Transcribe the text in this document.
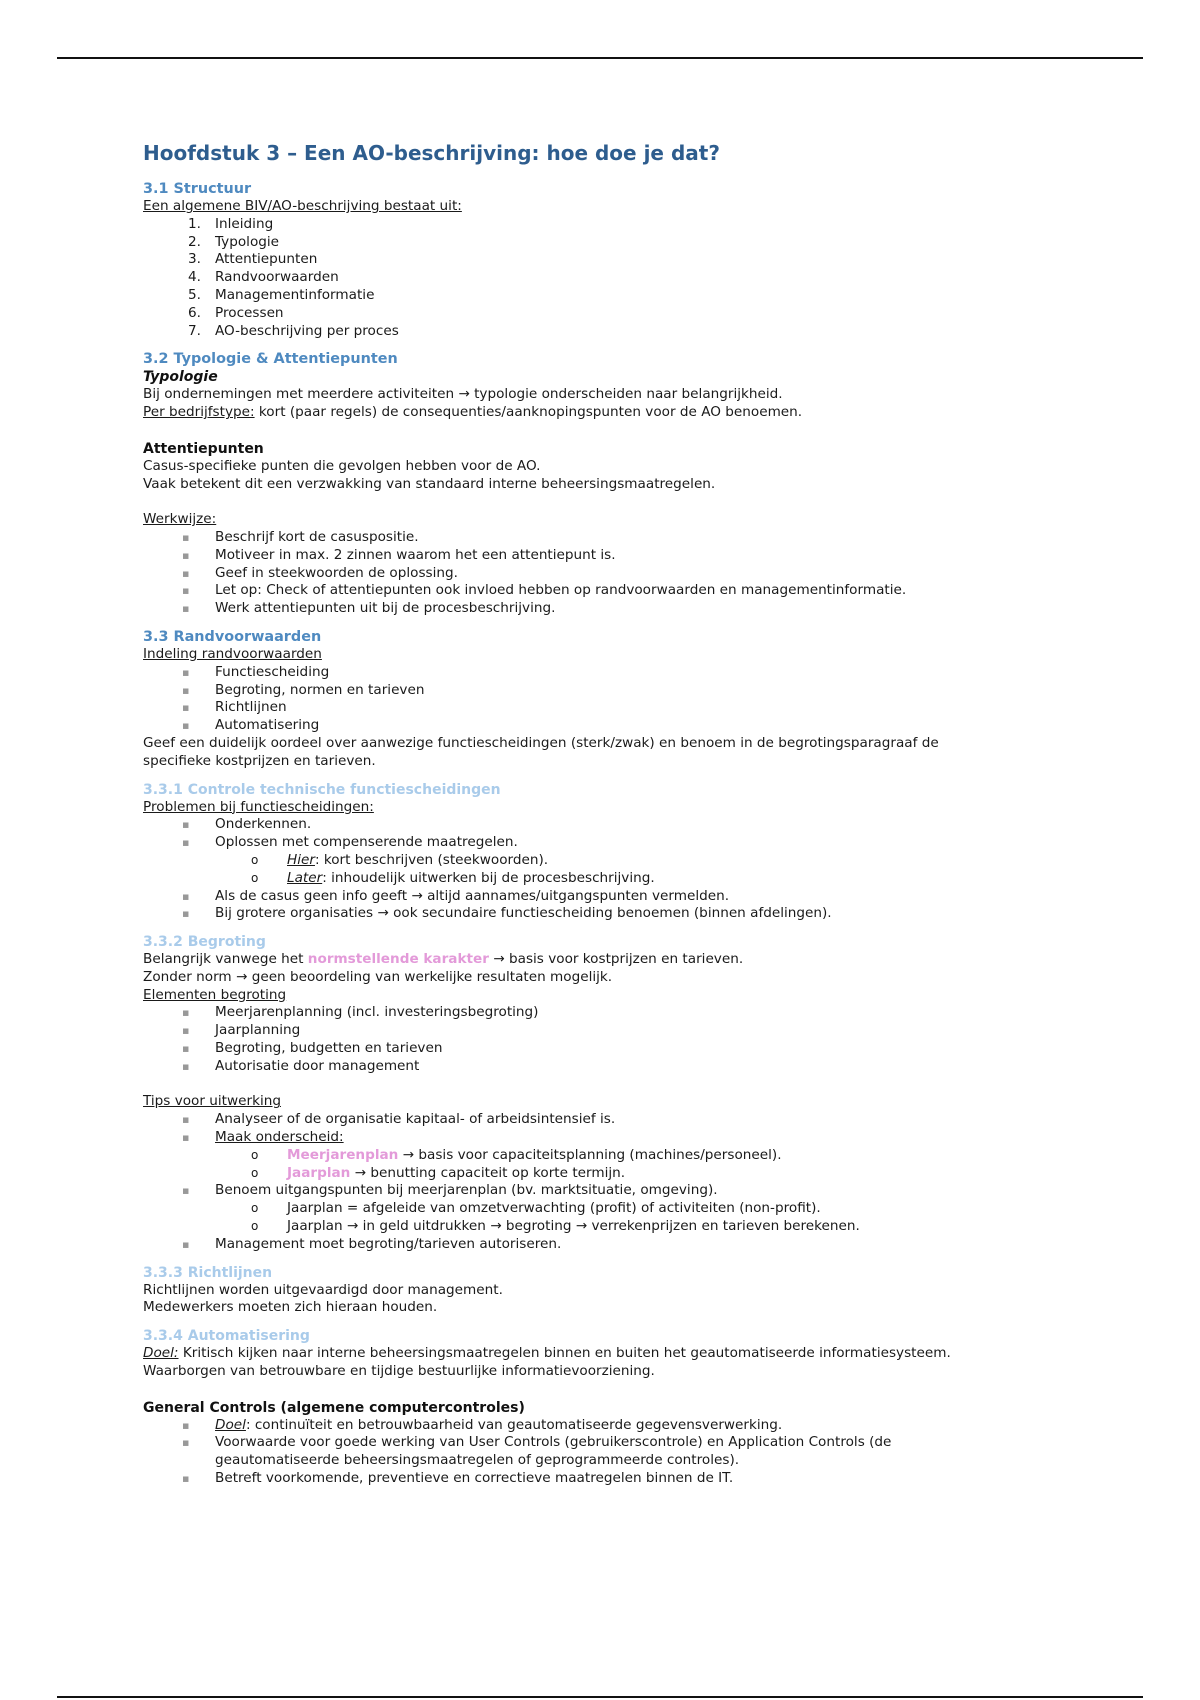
Hoofdstuk 3 – Een AO-beschrijving: hoe doe je dat?
3.1 Structuur

Een algemene BIV/AO-beschrijving bestaat uit:

1. Inleiding
2. Typologie
3. Attentiepunten
4. Randvoorwaarden
5. Managementinformatie
6. Processen
7. AO-beschrijving per proces
3.2 Typologie & Attentiepunten
Typologie

Bij ondernemingen met meerdere activiteiten → typologie onderscheiden naar belangrijkheid.

Per bedrijfstype: kort (paar regels) de consequenties/aanknopingspunten voor de AO benoemen.

Attentiepunten

Casus-specifieke punten die gevolgen hebben voor de AO.

Vaak betekent dit een verzwakking van standaard interne beheersingsmaatregelen.

Werkwijze:

▪ Beschrijf kort de casuspositie.
▪ Motiveer in max. 2 zinnen waarom het een attentiepunt is.
▪ Geef in steekwoorden de oplossing.
▪ Let op: Check of attentiepunten ook invloed hebben op randvoorwaarden en managementinformatie.
▪ Werk attentiepunten uit bij de procesbeschrijving.
3.3 Randvoorwaarden

Indeling randvoorwaarden

▪ Functiescheiding
▪ Begroting, normen en tarieven
▪ Richtlijnen
▪ Automatisering

Geef een duidelijk oordeel over aanwezige functiescheidingen (sterk/zwak) en benoem in de begrotingsparagraaf de

specifieke kostprijzen en tarieven.

3.3.1 Controle technische functiescheidingen

Problemen bij functiescheidingen:

▪ Onderkennen.
▪ Oplossen met compenserende maatregelen.
o Hier: kort beschrijven (steekwoorden).
o Later: inhoudelijk uitwerken bij de procesbeschrijving.
▪ Als de casus geen info geeft → altijd aannames/uitgangspunten vermelden.
▪ Bij grotere organisaties → ook secundaire functiescheiding benoemen (binnen afdelingen).
3.3.2 Begroting

Belangrijk vanwege het normstellende karakter → basis voor kostprijzen en tarieven.

Zonder norm → geen beoordeling van werkelijke resultaten mogelijk.

Elementen begroting

▪ Meerjarenplanning (incl. investeringsbegroting)
▪ Jaarplanning
▪ Begroting, budgetten en tarieven
▪ Autorisatie door management

Tips voor uitwerking

▪ Analyseer of de organisatie kapitaal- of arbeidsintensief is.
▪ Maak onderscheid:
o Meerjarenplan → basis voor capaciteitsplanning (machines/personeel).
o Jaarplan → benutting capaciteit op korte termijn.
▪ Benoem uitgangspunten bij meerjarenplan (bv. marktsituatie, omgeving).
o Jaarplan = afgeleide van omzetverwachting (profit) of activiteiten (non-profit).
o Jaarplan → in geld uitdrukken → begroting → verrekenprijzen en tarieven berekenen.
▪ Management moet begroting/tarieven autoriseren.
3.3.3 Richtlijnen

Richtlijnen worden uitgevaardigd door management.

Medewerkers moeten zich hieraan houden.

3.3.4 Automatisering

Doel: Kritisch kijken naar interne beheersingsmaatregelen binnen en buiten het geautomatiseerde informatiesysteem.

Waarborgen van betrouwbare en tijdige bestuurlijke informatievoorziening.

General Controls (algemene computercontroles)
▪ Doel: continuïteit en betrouwbaarheid van geautomatiseerde gegevensverwerking.
▪ Voorwaarde voor goede werking van User Controls (gebruikerscontrole) en Application Controls (de
geautomatiseerde beheersingsmaatregelen of geprogrammeerde controles).
▪ Betreft voorkomende, preventieve en correctieve maatregelen binnen de IT.
